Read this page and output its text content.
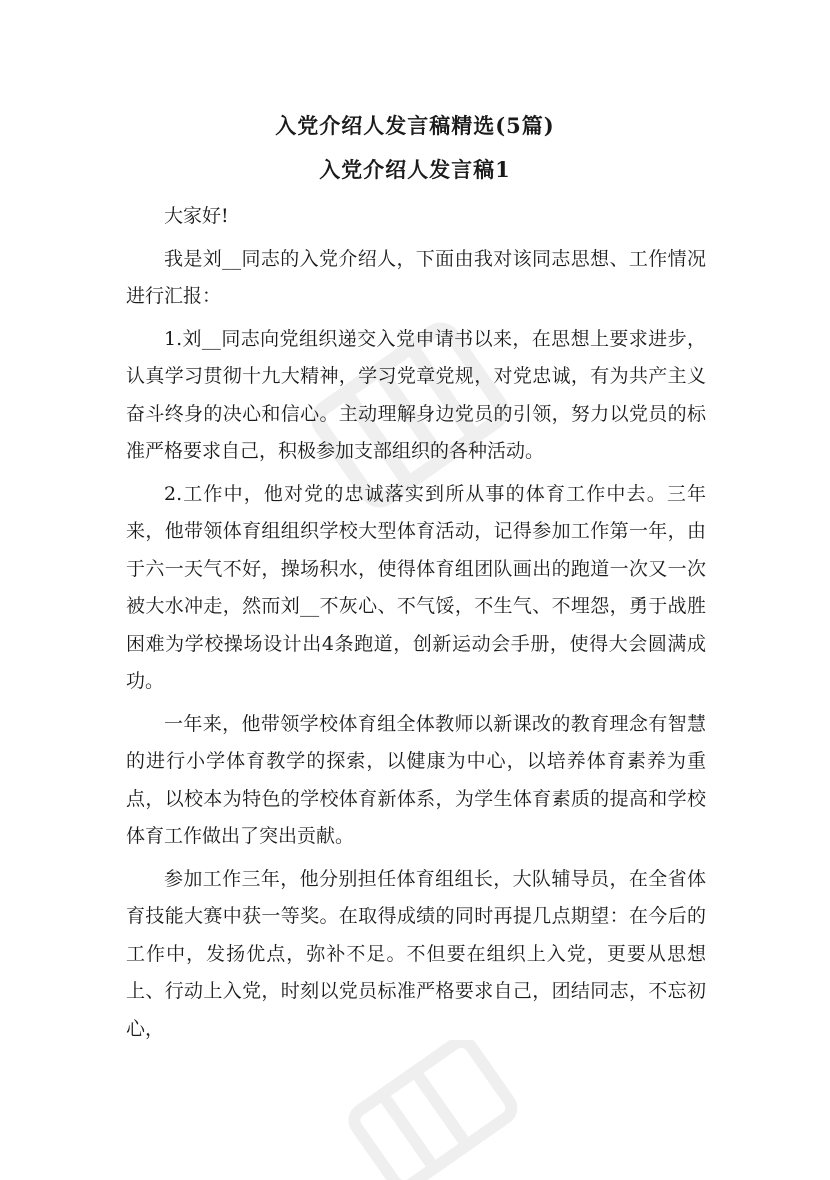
入党介绍人发言稿精选(5篇)
入党介绍人发言稿1

大家好!

我是刘__同志的入党介绍人，下面由我对该同志思想、工作情况进行汇报：

1.刘__同志向党组织递交入党申请书以来，在思想上要求进步，认真学习贯彻十九大精神，学习党章党规，对党忠诚，有为共产主义奋斗终身的决心和信心。主动理解身边党员的引领，努力以党员的标准严格要求自己，积极参加支部组织的各种活动。

2.工作中，他对党的忠诚落实到所从事的体育工作中去。三年来，他带领体育组组织学校大型体育活动，记得参加工作第一年，由于六一天气不好，操场积水，使得体育组团队画出的跑道一次又一次被大水冲走，然而刘__不灰心、不气馁，不生气、不埋怨，勇于战胜困难为学校操场设计出4条跑道，创新运动会手册，使得大会圆满成功。

一年来，他带领学校体育组全体教师以新课改的教育理念有智慧的进行小学体育教学的探索，以健康为中心，以培养体育素养为重点，以校本为特色的学校体育新体系，为学生体育素质的提高和学校体育工作做出了突出贡献。

参加工作三年，他分别担任体育组组长，大队辅导员，在全省体育技能大赛中获一等奖。在取得成绩的同时再提几点期望：在今后的工作中，发扬优点，弥补不足。不但要在组织上入党，更要从思想上、行动上入党，时刻以党员标准严格要求自己，团结同志，不忘初心，
